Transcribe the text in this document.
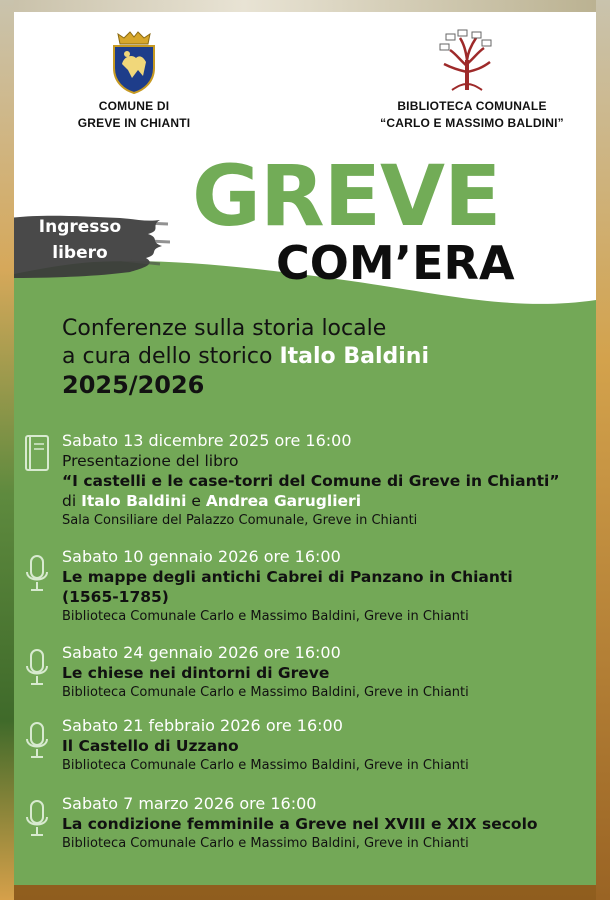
COMUNE DI
GREVE IN CHIANTI
BIBLIOTECA COMUNALE
“CARLO E MASSIMO BALDINI”
GREVE
COM’ERA
Ingresso
libero
Conferenze sulla storia locale
a cura dello storico Italo Baldini
2025/2026
Sabato 13 dicembre 2025 ore 16:00
Presentazione del libro
“I castelli e le case-torri del Comune di Greve in Chianti”
di Italo Baldini e Andrea Garuglieri
Sala Consiliare del Palazzo Comunale, Greve in Chianti
Sabato 10 gennaio 2026 ore 16:00
Le mappe degli antichi Cabrei di Panzano in Chianti
(1565-1785)
Biblioteca Comunale Carlo e Massimo Baldini, Greve in Chianti
Sabato 24 gennaio 2026 ore 16:00
Le chiese nei dintorni di Greve
Biblioteca Comunale Carlo e Massimo Baldini, Greve in Chianti
Sabato 21 febbraio 2026 ore 16:00
Il Castello di Uzzano
Biblioteca Comunale Carlo e Massimo Baldini, Greve in Chianti
Sabato 7 marzo 2026 ore 16:00
La condizione femminile a Greve nel XVIII e XIX secolo
Biblioteca Comunale Carlo e Massimo Baldini, Greve in Chianti
